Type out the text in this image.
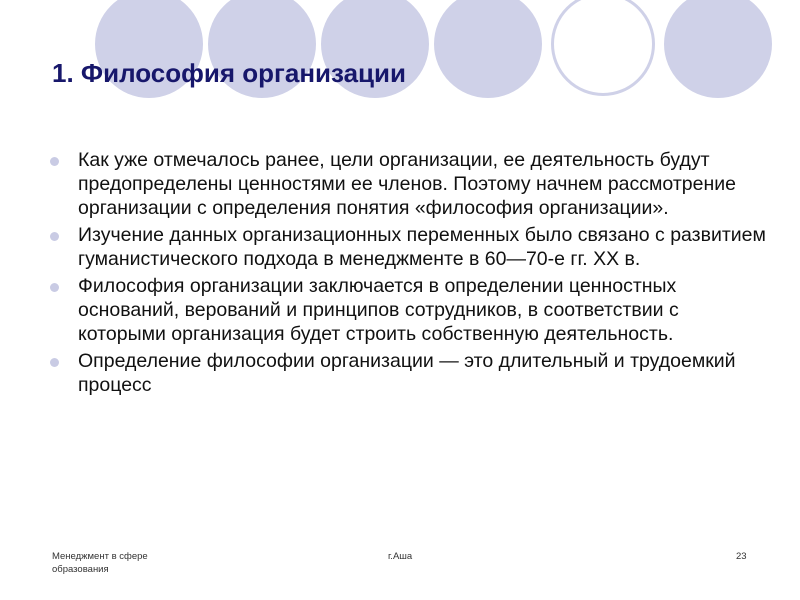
1. Философия организации
Как уже отмечалось ранее, цели организации, ее деятельность будут предопределены ценностями ее членов. Поэтому начнем рассмотрение организации с определения понятия «философия организации».
Изучение данных организационных переменных было связано с развитием гуманистического подхода в менеджменте в 60—70-е гг. XX в.
Философия организации заключается в определении ценностных оснований, верований и принципов сотрудников, в соответствии с которыми организация будет строить собственную деятельность.
Определение философии организации — это длительный и трудоемкий процесс
Менеджмент в сфере образования
г.Аша	23
